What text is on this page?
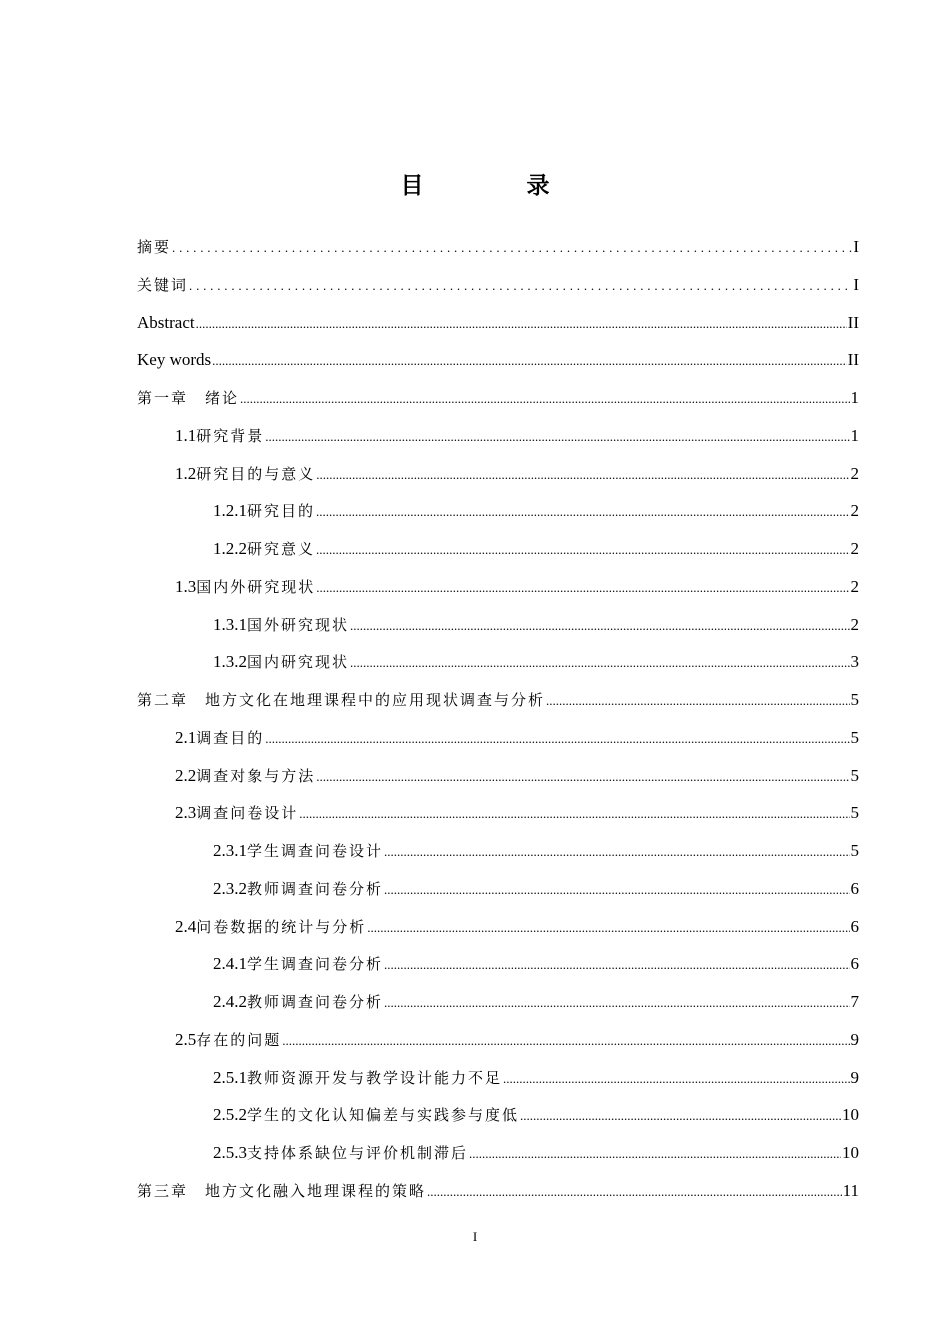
目　录
摘要 .....	I
关键词 .....	I
Abstract .....	II
Key words .....	II
第一章　绪论 .....	1
1.1 研究背景 .....	1
1.2 研究目的与意义 .....	2
1.2.1 研究目的 .....	2
1.2.2 研究意义 .....	2
1.3 国内外研究现状 .....	2
1.3.1 国外研究现状 .....	2
1.3.2 国内研究现状 .....	3
第二章　地方文化在地理课程中的应用现状调查与分析 .....	5
2.1 调查目的 .....	5
2.2 调查对象与方法 .....	5
2.3 调查问卷设计 .....	5
2.3.1 学生调查问卷设计 .....	5
2.3.2 教师调查问卷分析 .....	6
2.4 问卷数据的统计与分析 .....	6
2.4.1 学生调查问卷分析 .....	6
2.4.2 教师调查问卷分析 .....	7
2.5 存在的问题 .....	9
2.5.1 教师资源开发与教学设计能力不足 .....	9
2.5.2 学生的文化认知偏差与实践参与度低 .....	10
2.5.3 支持体系缺位与评价机制滞后 .....	10
第三章　地方文化融入地理课程的策略 .....	11
I
